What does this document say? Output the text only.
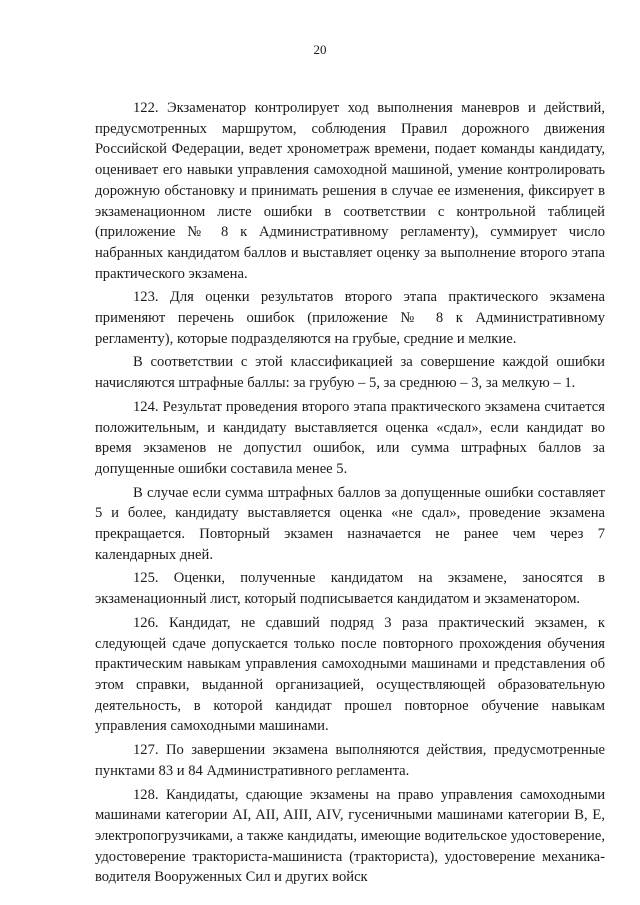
20

122. Экзаменатор контролирует ход выполнения маневров и действий, предусмотренных маршрутом, соблюдения Правил дорожного движения Российской Федерации, ведет хронометраж времени, подает команды кандидату, оценивает его навыки управления самоходной машиной, умение контролировать дорожную обстановку и принимать решения в случае ее изменения, фиксирует в экзаменационном листе ошибки в соответствии с контрольной таблицей (приложение № 8 к Административному регламенту), суммирует число набранных кандидатом баллов и выставляет оценку за выполнение второго этапа практического экзамена.

123. Для оценки результатов второго этапа практического экзамена применяют перечень ошибок (приложение № 8 к Административному регламенту), которые подразделяются на грубые, средние и мелкие.

В соответствии с этой классификацией за совершение каждой ошибки начисляются штрафные баллы: за грубую – 5, за среднюю – 3, за мелкую – 1.

124. Результат проведения второго этапа практического экзамена считается положительным, и кандидату выставляется оценка «сдал», если кандидат во время экзаменов не допустил ошибок, или сумма штрафных баллов за допущенные ошибки составила менее 5.

В случае если сумма штрафных баллов за допущенные ошибки составляет 5 и более, кандидату выставляется оценка «не сдал», проведение экзамена прекращается. Повторный экзамен назначается не ранее чем через 7 календарных дней.

125. Оценки, полученные кандидатом на экзамене, заносятся в экзаменационный лист, который подписывается кандидатом и экзаменатором.

126. Кандидат, не сдавший подряд 3 раза практический экзамен, к следующей сдаче допускается только после повторного прохождения обучения практическим навыкам управления самоходными машинами и представления об этом справки, выданной организацией, осуществляющей образовательную деятельность, в которой кандидат прошел повторное обучение навыкам управления самоходными машинами.

127. По завершении экзамена выполняются действия, предусмотренные пунктами 83 и 84 Административного регламента.

128. Кандидаты, сдающие экзамены на право управления самоходными машинами категории AI, AII, AIII, AIV, гусеничными машинами категории B, E, электропогрузчиками, а также кандидаты, имеющие водительское удостоверение, удостоверение тракториста-машиниста (тракториста), удостоверение механика-водителя Вооруженных Сил и других войск
